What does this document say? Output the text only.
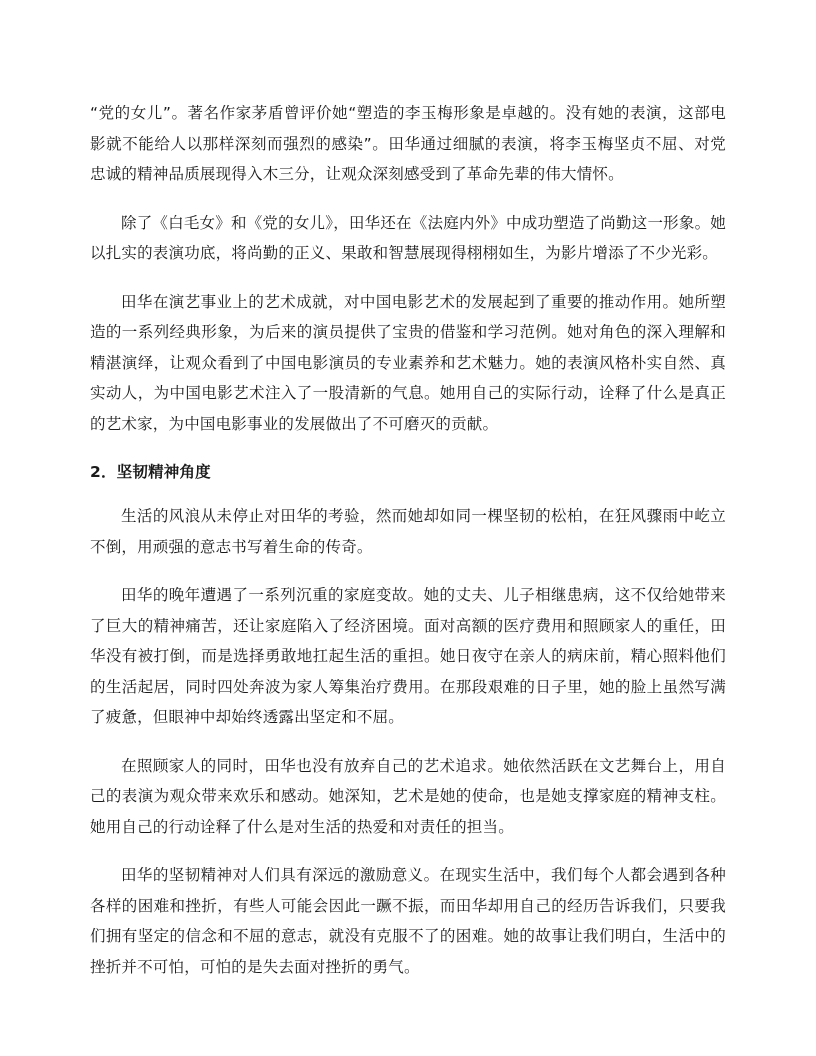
“党的女儿”。著名作家茅盾曾评价她“塑造的李玉梅形象是卓越的。没有她的表演，这部电影就不能给人以那样深刻而强烈的感染”。田华通过细腻的表演，将李玉梅坚贞不屈、对党忠诚的精神品质展现得入木三分，让观众深刻感受到了革命先辈的伟大情怀。

除了《白毛女》和《党的女儿》，田华还在《法庭内外》中成功塑造了尚勤这一形象。她以扎实的表演功底，将尚勤的正义、果敢和智慧展现得栩栩如生，为影片增添了不少光彩。

田华在演艺事业上的艺术成就，对中国电影艺术的发展起到了重要的推动作用。她所塑造的一系列经典形象，为后来的演员提供了宝贵的借鉴和学习范例。她对角色的深入理解和精湛演绎，让观众看到了中国电影演员的专业素养和艺术魅力。她的表演风格朴实自然、真实动人，为中国电影艺术注入了一股清新的气息。她用自己的实际行动，诠释了什么是真正的艺术家，为中国电影事业的发展做出了不可磨灭的贡献。

2．坚韧精神角度

生活的风浪从未停止对田华的考验，然而她却如同一棵坚韧的松柏，在狂风骤雨中屹立不倒，用顽强的意志书写着生命的传奇。

田华的晚年遭遇了一系列沉重的家庭变故。她的丈夫、儿子相继患病，这不仅给她带来了巨大的精神痛苦，还让家庭陷入了经济困境。面对高额的医疗费用和照顾家人的重任，田华没有被打倒，而是选择勇敢地扛起生活的重担。她日夜守在亲人的病床前，精心照料他们的生活起居，同时四处奔波为家人筹集治疗费用。在那段艰难的日子里，她的脸上虽然写满了疲惫，但眼神中却始终透露出坚定和不屈。

在照顾家人的同时，田华也没有放弃自己的艺术追求。她依然活跃在文艺舞台上，用自己的表演为观众带来欢乐和感动。她深知，艺术是她的使命，也是她支撑家庭的精神支柱。她用自己的行动诠释了什么是对生活的热爱和对责任的担当。

田华的坚韧精神对人们具有深远的激励意义。在现实生活中，我们每个人都会遇到各种各样的困难和挫折，有些人可能会因此一蹶不振，而田华却用自己的经历告诉我们，只要我们拥有坚定的信念和不屈的意志，就没有克服不了的困难。她的故事让我们明白，生活中的挫折并不可怕，可怕的是失去面对挫折的勇气。
